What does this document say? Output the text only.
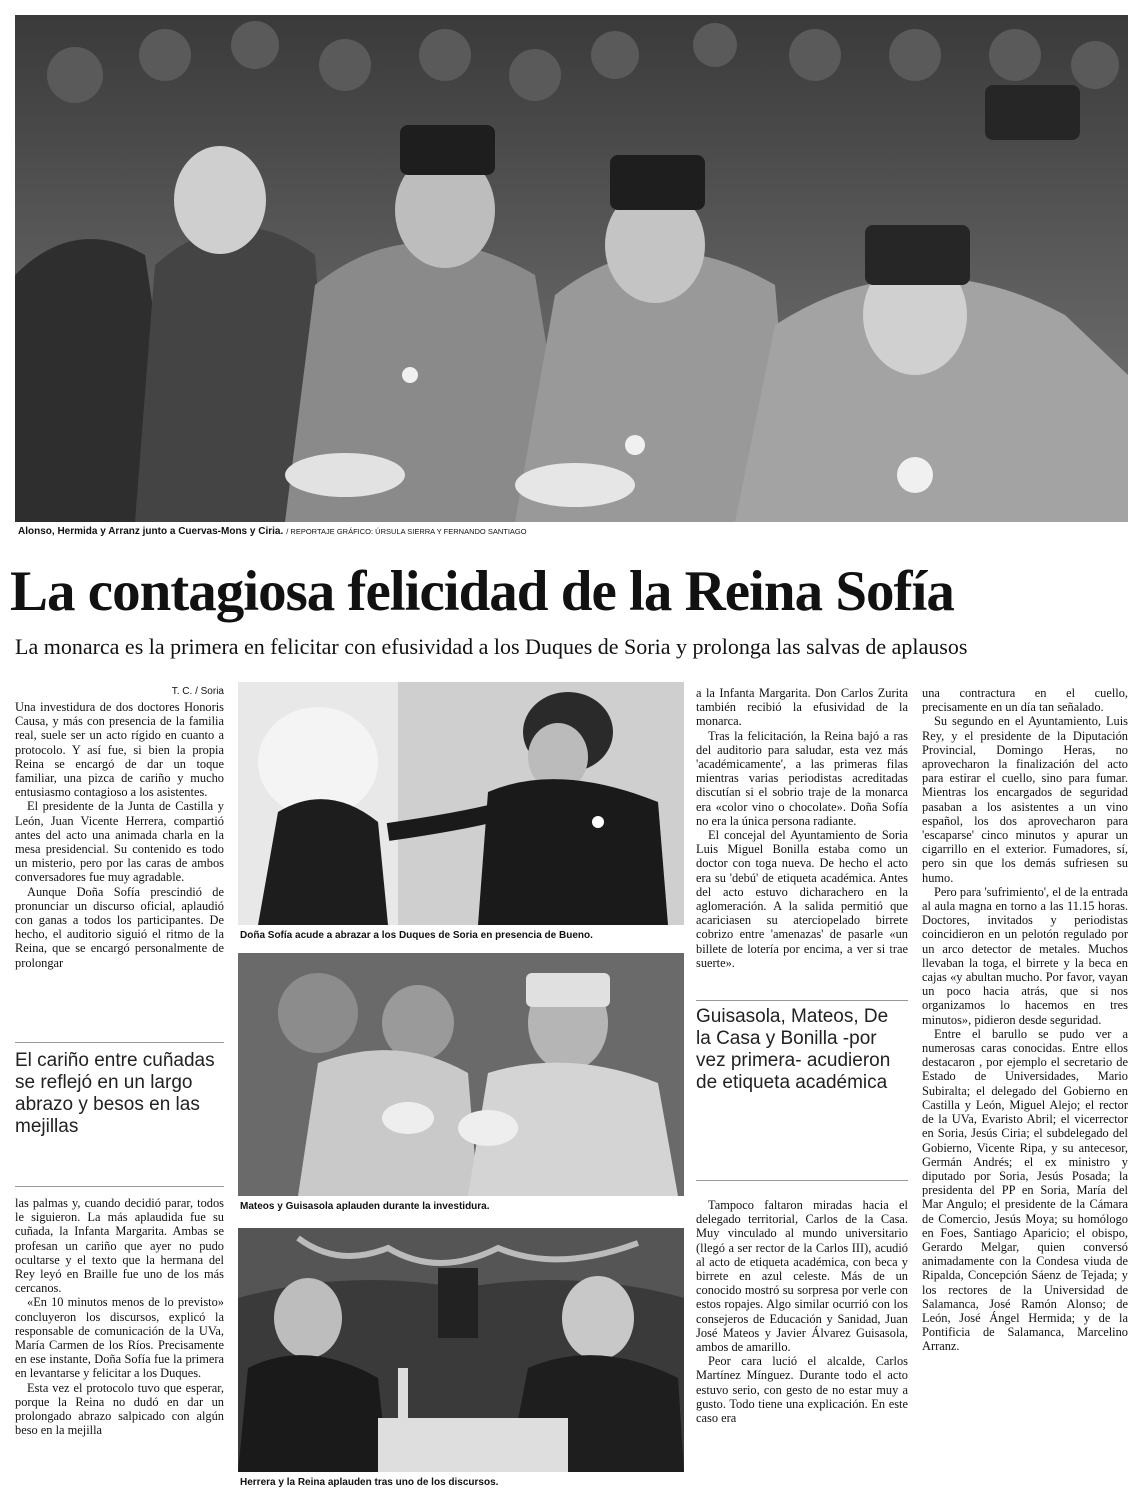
Alonso, Hermida y Arranz junto a Cuervas-Mons y Ciria. / REPORTAJE GRÁFICO: ÚRSULA SIERRA Y FERNANDO SANTIAGO

La contagiosa felicidad de la Reina Sofía

La monarca es la primera en felicitar con efusividad a los Duques de Soria y prolonga las salvas de aplausos

T. C. / Soria

Una investidura de dos doctores Honoris Causa, y más con presencia de la familia real, suele ser un acto rígido en cuanto a protocolo. Y así fue, si bien la propia Reina se encargó de dar un toque familiar, una pizca de cariño y mucho entusiasmo contagioso a los asistentes.

El presidente de la Junta de Castilla y León, Juan Vicente Herrera, compartió antes del acto una animada charla en la mesa presidencial. Su contenido es todo un misterio, pero por las caras de ambos conversadores fue muy agradable.

Aunque Doña Sofía prescindió de pronunciar un discurso oficial, aplaudió con ganas a todos los participantes. De hecho, el auditorio siguió el ritmo de la Reina, que se encargó personalmente de prolongar

El cariño entre cuñadas se reflejó en un largo abrazo y besos en las mejillas

las palmas y, cuando decidió parar, todos le siguieron. La más aplaudida fue su cuñada, la Infanta Margarita. Ambas se profesan un cariño que ayer no pudo ocultarse y el texto que la hermana del Rey leyó en Braille fue uno de los más cercanos.

«En 10 minutos menos de lo previsto» concluyeron los discursos, explicó la responsable de comunicación de la UVa, María Carmen de los Ríos. Precisamente en ese instante, Doña Sofía fue la primera en levantarse y felicitar a los Duques.

Esta vez el protocolo tuvo que esperar, porque la Reina no dudó en dar un prolongado abrazo salpicado con algún beso en la mejilla

Doña Sofía acude a abrazar a los Duques de Soria en presencia de Bueno.

Mateos y Guisasola aplauden durante la investidura.

Herrera y la Reina aplauden tras uno de los discursos.

a la Infanta Margarita. Don Carlos Zurita también recibió la efusividad de la monarca.

Tras la felicitación, la Reina bajó a ras del auditorio para saludar, esta vez más 'académicamente', a las primeras filas mientras varias periodistas acreditadas discutían si el sobrio traje de la monarca era «color vino o chocolate». Doña Sofía no era la única persona radiante.

El concejal del Ayuntamiento de Soria Luis Miguel Bonilla estaba como un doctor con toga nueva. De hecho el acto era su 'debú' de etiqueta académica. Antes del acto estuvo dicharachero en la aglomeración. A la salida permitió que acariciasen su aterciopelado birrete cobrizo entre 'amenazas' de pasarle «un billete de lotería por encima, a ver si trae suerte».

Guisasola, Mateos, De la Casa y Bonilla -por vez primera- acudieron de etiqueta académica

Tampoco faltaron miradas hacia el delegado territorial, Carlos de la Casa. Muy vinculado al mundo universitario (llegó a ser rector de la Carlos III), acudió al acto de etiqueta académica, con beca y birrete en azul celeste. Más de un conocido mostró su sorpresa por verle con estos ropajes. Algo similar ocurrió con los consejeros de Educación y Sanidad, Juan José Mateos y Javier Álvarez Guisasola, ambos de amarillo.

Peor cara lució el alcalde, Carlos Martínez Mínguez. Durante todo el acto estuvo serio, con gesto de no estar muy a gusto. Todo tiene una explicación. En este caso era

una contractura en el cuello, precisamente en un día tan señalado.

Su segundo en el Ayuntamiento, Luis Rey, y el presidente de la Diputación Provincial, Domingo Heras, no aprovecharon la finalización del acto para estirar el cuello, sino para fumar. Mientras los encargados de seguridad pasaban a los asistentes a un vino español, los dos aprovecharon para 'escaparse' cinco minutos y apurar un cigarrillo en el exterior. Fumadores, sí, pero sin que los demás sufriesen su humo.

Pero para 'sufrimiento', el de la entrada al aula magna en torno a las 11.15 horas. Doctores, invitados y periodistas coincidieron en un pelotón regulado por un arco detector de metales. Muchos llevaban la toga, el birrete y la beca en cajas «y abultan mucho. Por favor, vayan un poco hacia atrás, que si nos organizamos lo hacemos en tres minutos», pidieron desde seguridad.

Entre el barullo se pudo ver a numerosas caras conocidas. Entre ellos destacaron , por ejemplo el secretario de Estado de Universidades, Mario Subiralta; el delegado del Gobierno en Castilla y León, Miguel Alejo; el rector de la UVa, Evaristo Abril; el vicerrector en Soria, Jesús Ciria; el subdelegado del Gobierno, Vicente Ripa, y su antecesor, Germán Andrés; el ex ministro y diputado por Soria, Jesús Posada; la presidenta del PP en Soria, María del Mar Angulo; el presidente de la Cámara de Comercio, Jesús Moya; su homólogo en Foes, Santiago Aparicio; el obispo, Gerardo Melgar, quien conversó animadamente con la Condesa viuda de Ripalda, Concepción Sáenz de Tejada; y los rectores de la Universidad de Salamanca, José Ramón Alonso; de León, José Ángel Hermida; y de la Pontificia de Salamanca, Marcelino Arranz.
